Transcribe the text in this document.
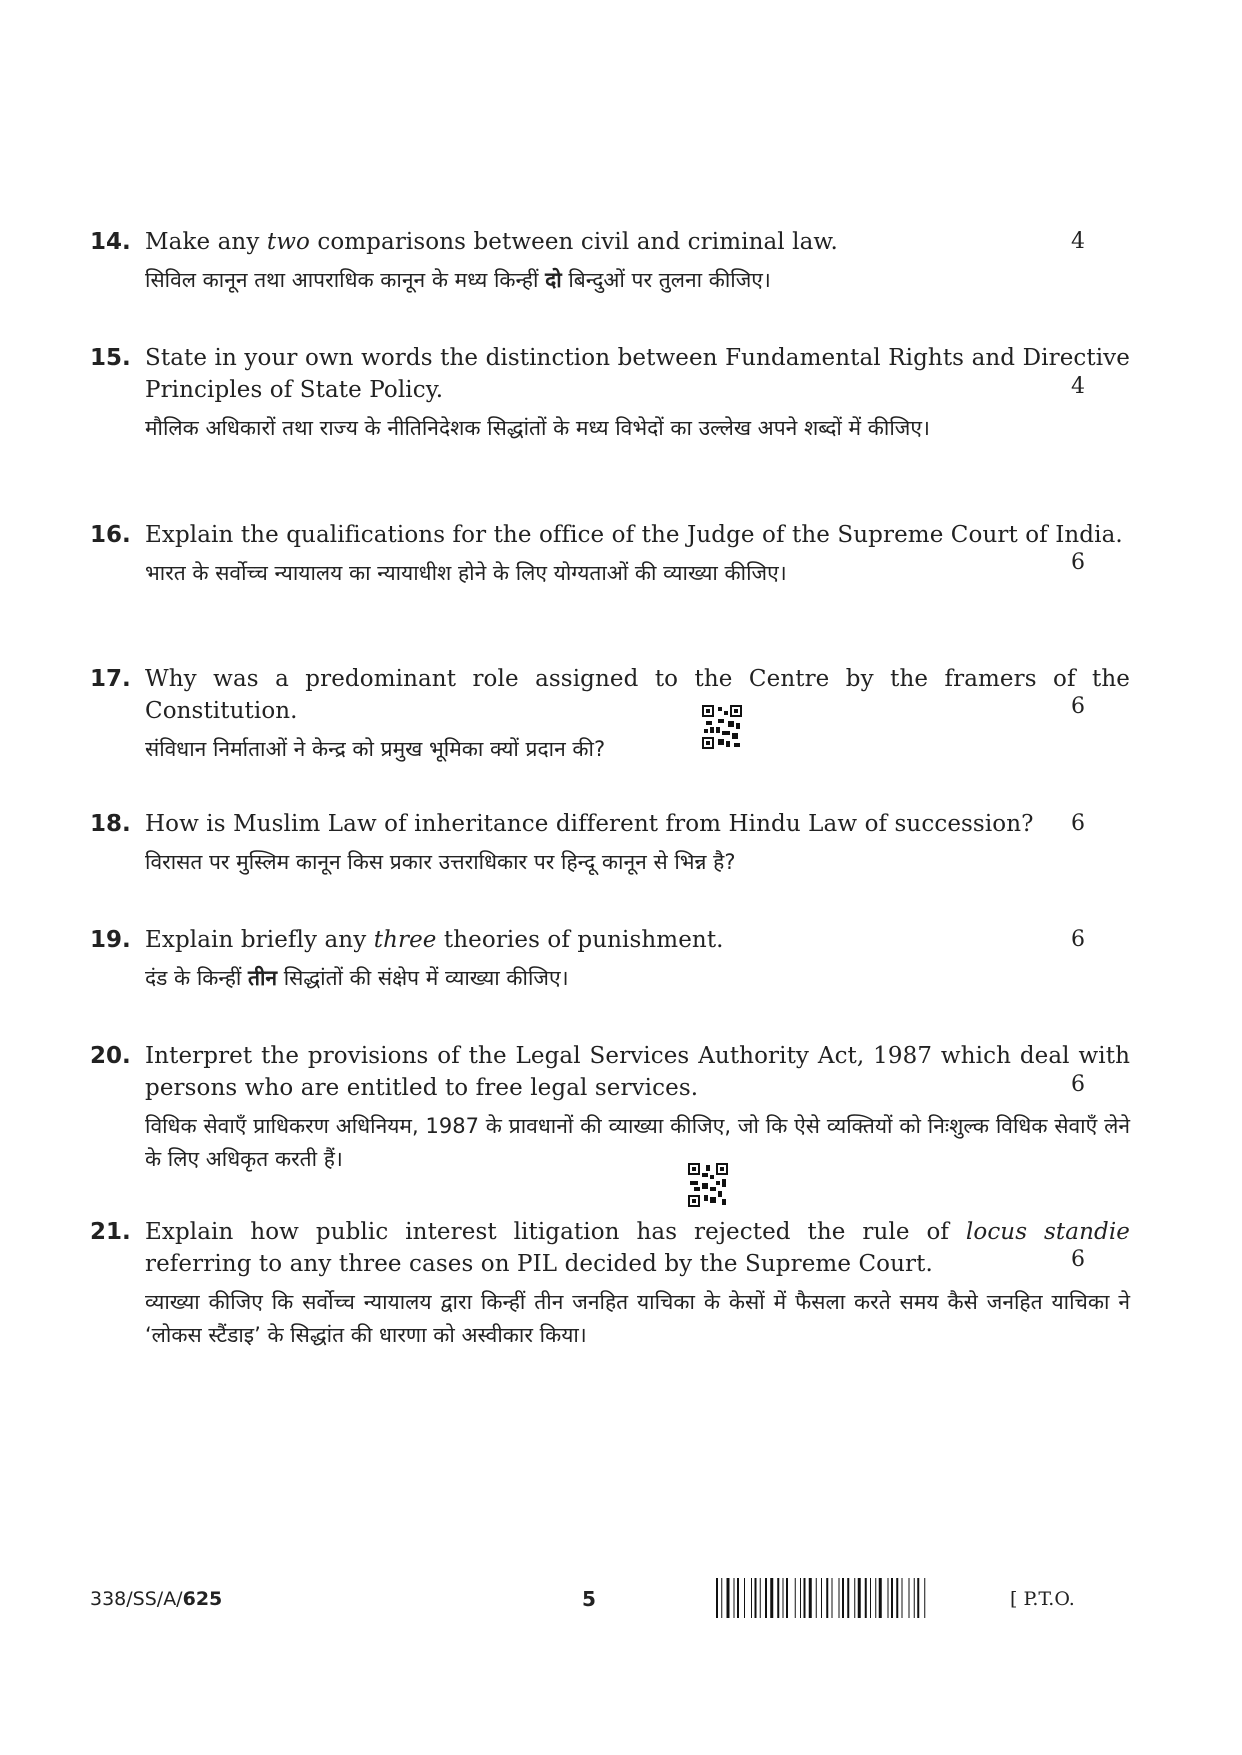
14. Make any two comparisons between civil and criminal law.
सिविल कानून तथा आपराधिक कानून के मध्य किन्हीं दो बिन्दुओं पर तुलना कीजिए।
4
15. State in your own words the distinction between Fundamental Rights and Directive Principles of State Policy.
मौलिक अधिकारों तथा राज्य के नीतिनिदेशक सिद्धांतों के मध्य विभेदों का उल्लेख अपने शब्दों में कीजिए।
4
16. Explain the qualifications for the office of the Judge of the Supreme Court of India.
भारत के सर्वोच्च न्यायालय का न्यायाधीश होने के लिए योग्यताओं की व्याख्या कीजिए।	6
17. Why was a predominant role assigned to the Centre by the framers of the Constitution.
संविधान निर्माताओं ने केन्द्र को प्रमुख भूमिका क्यों प्रदान की?
6
18. How is Muslim Law of inheritance different from Hindu Law of succession?
विरासत पर मुस्लिम कानून किस प्रकार उत्तराधिकार पर हिन्दू कानून से भिन्न है?
6
19. Explain briefly any three theories of punishment.
दंड के किन्हीं तीन सिद्धांतों की संक्षेप में व्याख्या कीजिए।
6
20. Interpret the provisions of the Legal Services Authority Act, 1987 which deal with persons who are entitled to free legal services.
विधिक सेवाएँ प्राधिकरण अधिनियम, 1987 के प्रावधानों की व्याख्या कीजिए, जो कि ऐसे व्यक्तियों को निःशुल्क विधिक सेवाएँ लेने के लिए अधिकृत करती हैं।
6
21. Explain how public interest litigation has rejected the rule of locus standie referring to any three cases on PIL decided by the Supreme Court.
व्याख्या कीजिए कि सर्वोच्च न्यायालय द्वारा किन्हीं तीन जनहित याचिका के केसों में फैसला करते समय कैसे जनहित याचिका ने ‘लोकस स्टैंडाइ’ के सिद्धांत की धारणा को अस्वीकार किया।
6
338/SS/A/625	5	[ P.T.O.
